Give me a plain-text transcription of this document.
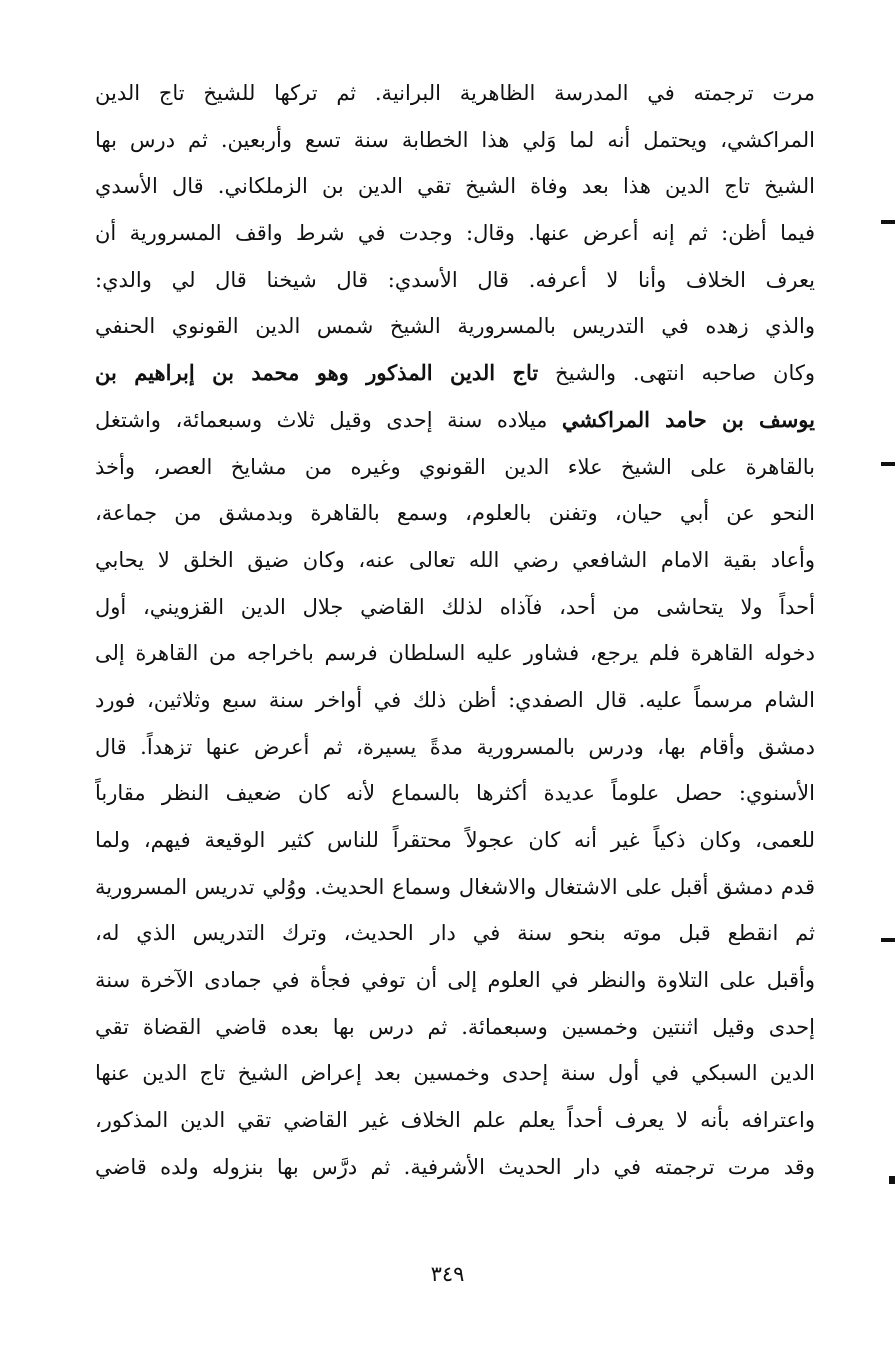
مرت ترجمته في المدرسة الظاهرية البرانية. ثم تركها للشيخ تاج الدين
المراكشي، ويحتمل أنه لما وَلي هذا الخطابة سنة تسع وأربعين. ثم درس بها
الشيخ تاج الدين هذا بعد وفاة الشيخ تقي الدين بن الزملكاني. قال الأسدي
فيما أظن: ثم إنه أعرض عنها. وقال: وجدت في شرط واقف المسرورية أن
يعرف الخلاف وأنا لا أعرفه. قال الأسدي: قال شيخنا قال لي والدي:
والذي زهده في التدريس بالمسرورية الشيخ شمس الدين القونوي الحنفي
وكان صاحبه انتهى. والشيخ تاج الدين المذكور وهو محمد بن إبراهيم بن
يوسف بن حامد المراكشي ميلاده سنة إحدى وقيل ثلاث وسبعمائة، واشتغل
بالقاهرة على الشيخ علاء الدين القونوي وغيره من مشايخ العصر، وأخذ
النحو عن أبي حيان، وتفنن بالعلوم، وسمع بالقاهرة وبدمشق من جماعة،
وأعاد بقية الامام الشافعي رضي الله تعالى عنه، وكان ضيق الخلق لا يحابي
أحداً ولا يتحاشى من أحد، فآذاه لذلك القاضي جلال الدين القزويني، أول
دخوله القاهرة فلم يرجع، فشاور عليه السلطان فرسم باخراجه من القاهرة إلى
الشام مرسماً عليه. قال الصفدي: أظن ذلك في أواخر سنة سبع وثلاثين، فورد
دمشق وأقام بها، ودرس بالمسرورية مدةً يسيرة، ثم أعرض عنها تزهداً. قال
الأسنوي: حصل علوماً عديدة أكثرها بالسماع لأنه كان ضعيف النظر مقارباً
للعمى، وكان ذكياً غير أنه كان عجولاً محتقراً للناس كثير الوقيعة فيهم، ولما
قدم دمشق أقبل على الاشتغال والاشغال وسماع الحديث. ووُلي تدريس المسرورية
ثم انقطع قبل موته بنحو سنة في دار الحديث، وترك التدريس الذي له،
وأقبل على التلاوة والنظر في العلوم إلى أن توفي فجأة في جمادى الآخرة سنة
إحدى وقيل اثنتين وخمسين وسبعمائة. ثم درس بها بعده قاضي القضاة تقي
الدين السبكي في أول سنة إحدى وخمسين بعد إعراض الشيخ تاج الدين عنها
واعترافه بأنه لا يعرف أحداً يعلم علم الخلاف غير القاضي تقي الدين المذكور،
وقد مرت ترجمته في دار الحديث الأشرفية. ثم درَّس بها بنزوله ولده قاضي
٣٤٩
